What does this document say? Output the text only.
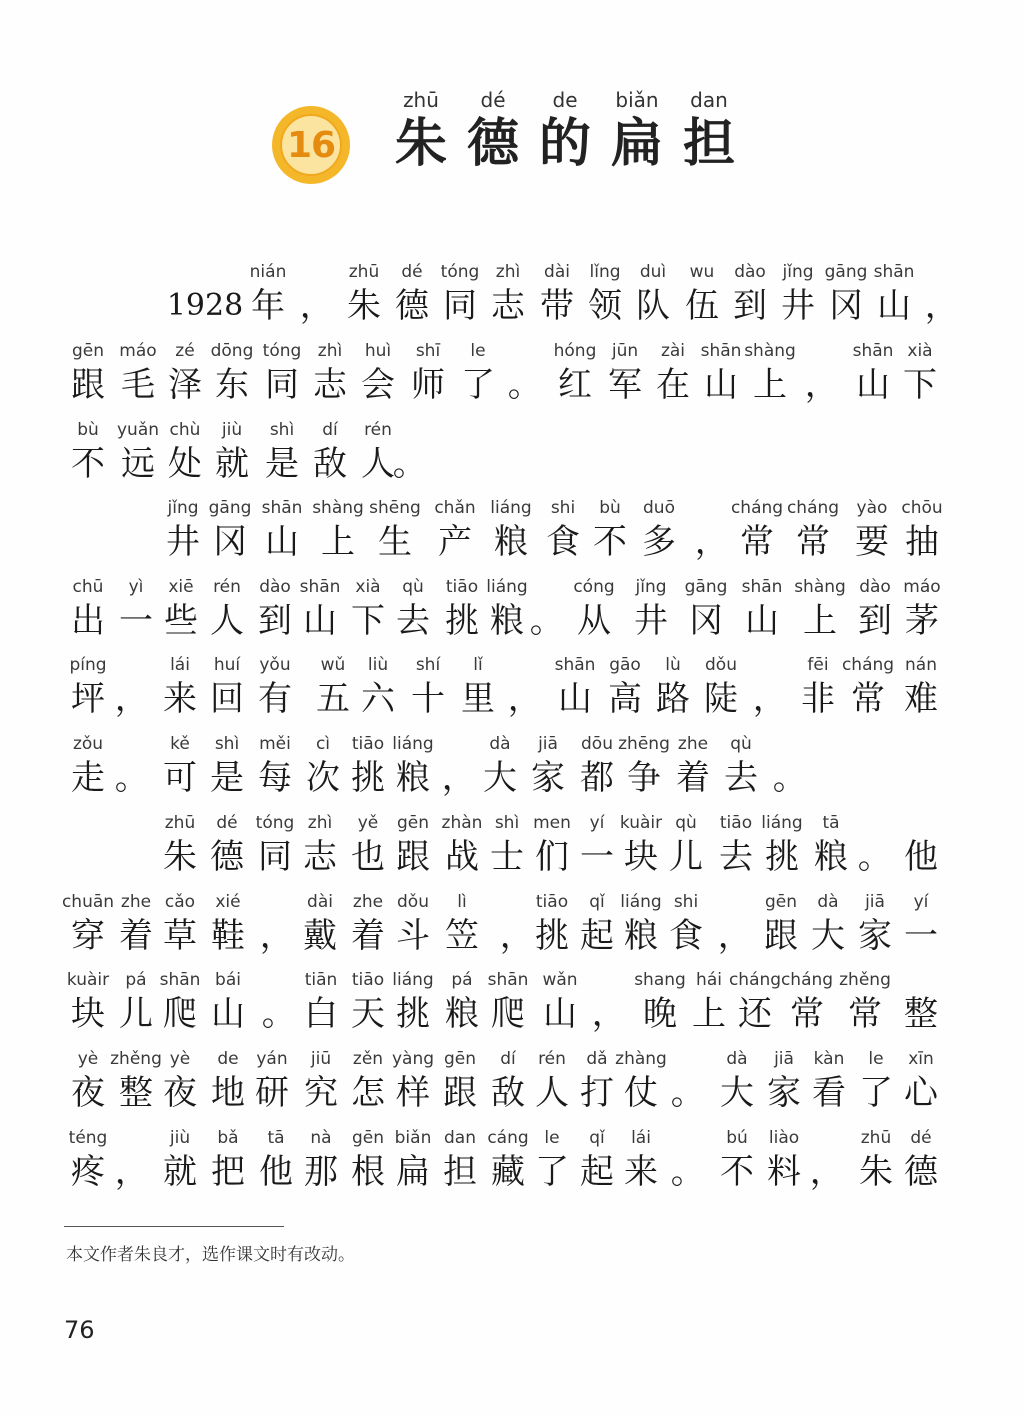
16
zhū
朱
dé
德
de
的
biǎn
扁
dan
担
1928 年
nián
， 朱
zhū
德
dé
同
tóng
志
zhì
带
dài
领
lǐng
队
duì
伍
wu
到
dào
井
jǐng
冈
gāng
山
shān
，
跟
gēn
毛
máo
泽
zé
东
dōng
同
tóng
志
zhì
会
huì
师
shī
了
le
。 红
hóng
军
jūn
在
zài
山
shān
上
shàng
， 山
shān
下
xià
不
bù
远
yuǎn
处
chù
就
jiù
是
shì
敌
dí
人
rén
。
井
jǐng
冈
gāng
山
shān
上
shàng
生
shēng
产
chǎn
粮
liáng
食
shi
不
bù
多
duō
， 常
cháng
常
cháng
要
yào
抽
chōu
出
chū
一
yì
些
xiē
人
rén
到
dào
山
shān
下
xià
去
qù
挑
tiāo
粮
liáng
。 从
cóng
井
jǐng
冈
gāng
山
shān
上
shàng
到
dào
茅
máo
坪
píng
， 来
lái
回
huí
有
yǒu
五
wǔ
六
liù
十
shí
里
lǐ
， 山
shān
高
gāo
路
lù
陡
dǒu
， 非
fēi
常
cháng
难
nán
走
zǒu
。 可
kě
是
shì
每
měi
次
cì
挑
tiāo
粮
liáng
， 大
dà
家
jiā
都
dōu
争
zhēng
着
zhe
去
qù
。
朱
zhū
德
dé
同
tóng
志
zhì
也
yě
跟
gēn
战
zhàn
士
shì
们
men
一
yí
块
kuàir
儿
qù
去
tiāo
挑
liáng
粮
tā
。 他
穿
chuān
着
zhe
草
cǎo
鞋
xié
， 戴
dài
着
zhe
斗
dǒu
笠
lì
， 挑
tiāo
起
qǐ
粮
liáng
食
shi
， 跟
gēn
大
dà
家
jiā
一
yí
块
kuàir
儿
pá
爬
shān
山
bái
。 白
tiān
天
tiāo
挑
liáng
粮
pá
爬
shān
山
wǎn
， 晚
shang
上
hái
还
cháng
常
cháng
常
zhěng
整
夜
yè
整
zhěng
夜
yè
地
de
研
yán
究
jiū
怎
zěn
样
yàng
跟
gēn
敌
dí
人
rén
打
dǎ
仗
zhàng
。 大
dà
家
jiā
看
kàn
了
le
心
xīn
疼
téng
， 就
jiù
把
bǎ
他
tā
那
nà
根
gēn
扁
biǎn
担
dan
藏
cáng
了
le
起
qǐ
来
lái
。 不
bú
料
liào
， 朱
zhū
德
dé
本文作者朱良才，选作课文时有改动。
76
